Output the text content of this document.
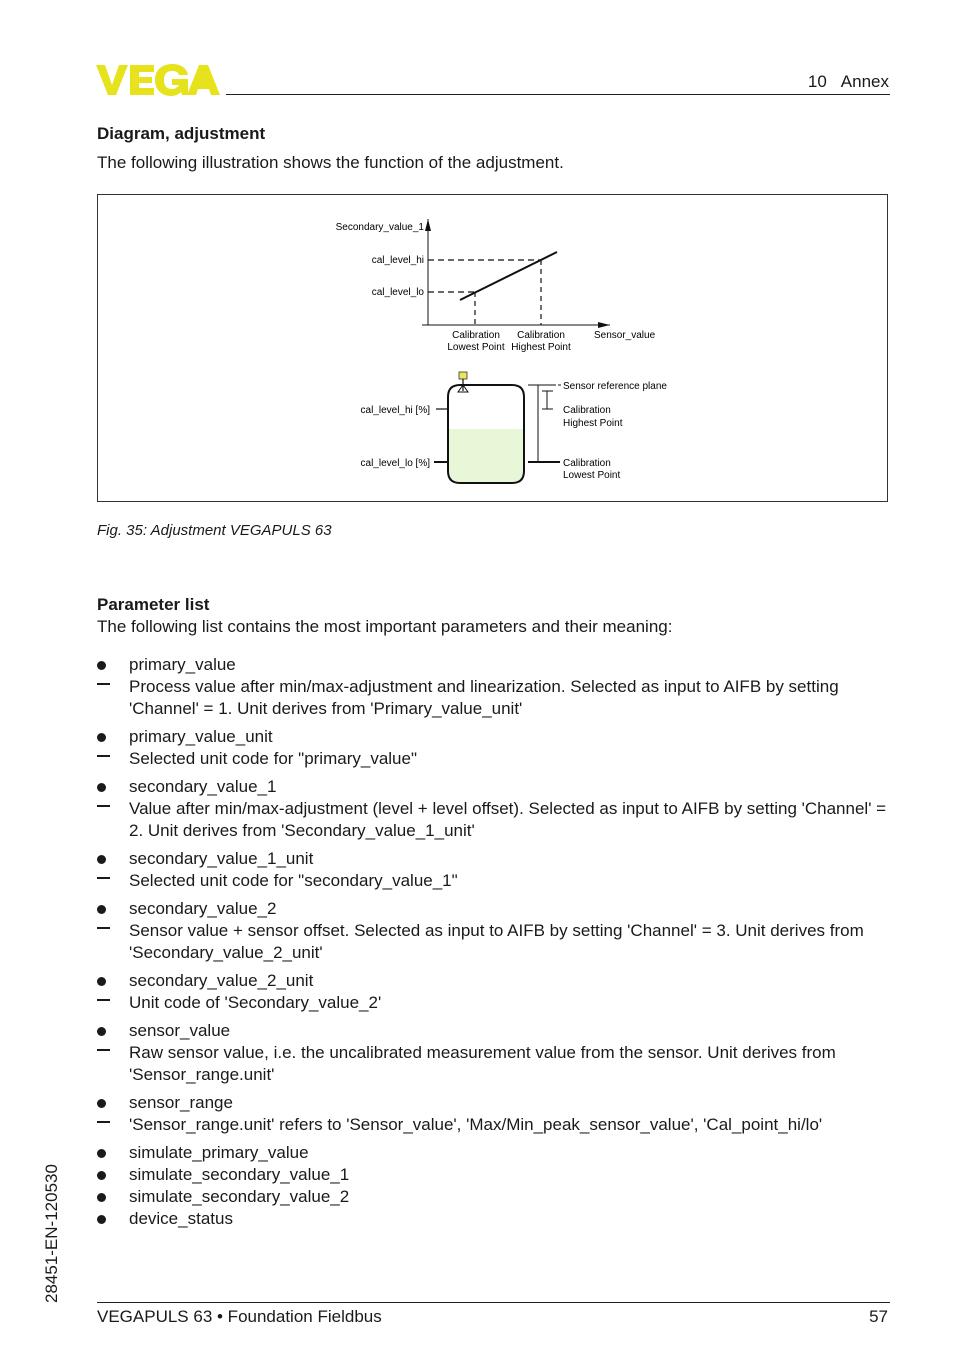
10 Annex
Diagram, adjustment
The following illustration shows the function of the adjustment.
Secondary_value_1
cal_level_hi
cal_level_lo
Calibration
Lowest Point
Calibration
Highest Point
Sensor_value
cal_level_hi [%]
cal_level_lo [%]
Sensor reference plane
Calibration
Highest Point
Calibration
Lowest Point
Fig. 35: Adjustment VEGAPULS 63
Parameter list
The following list contains the most important parameters and their meaning:
primary_value
Process value after min/max-adjustment and linearization. Selected as input to AIFB by setting 'Channel' = 1. Unit derives from 'Primary_value_unit'
primary_value_unit
Selected unit code for "primary_value"
secondary_value_1
Value after min/max-adjustment (level + level offset). Selected as input to AIFB by setting 'Channel' = 2. Unit derives from 'Secondary_value_1_unit'
secondary_value_1_unit
Selected unit code for "secondary_value_1"
secondary_value_2
Sensor value + sensor offset. Selected as input to AIFB by setting 'Channel' = 3. Unit derives from 'Secondary_value_2_unit'
secondary_value_2_unit
Unit code of 'Secondary_value_2'
sensor_value
Raw sensor value, i.e. the uncalibrated measurement value from the sensor. Unit derives from 'Sensor_range.unit'
sensor_range
'Sensor_range.unit' refers to 'Sensor_value', 'Max/Min_peak_sensor_value', 'Cal_point_hi/lo'
simulate_primary_value
simulate_secondary_value_1
simulate_secondary_value_2
device_status
VEGAPULS 63 • Foundation Fieldbus	57
28451-EN-120530
